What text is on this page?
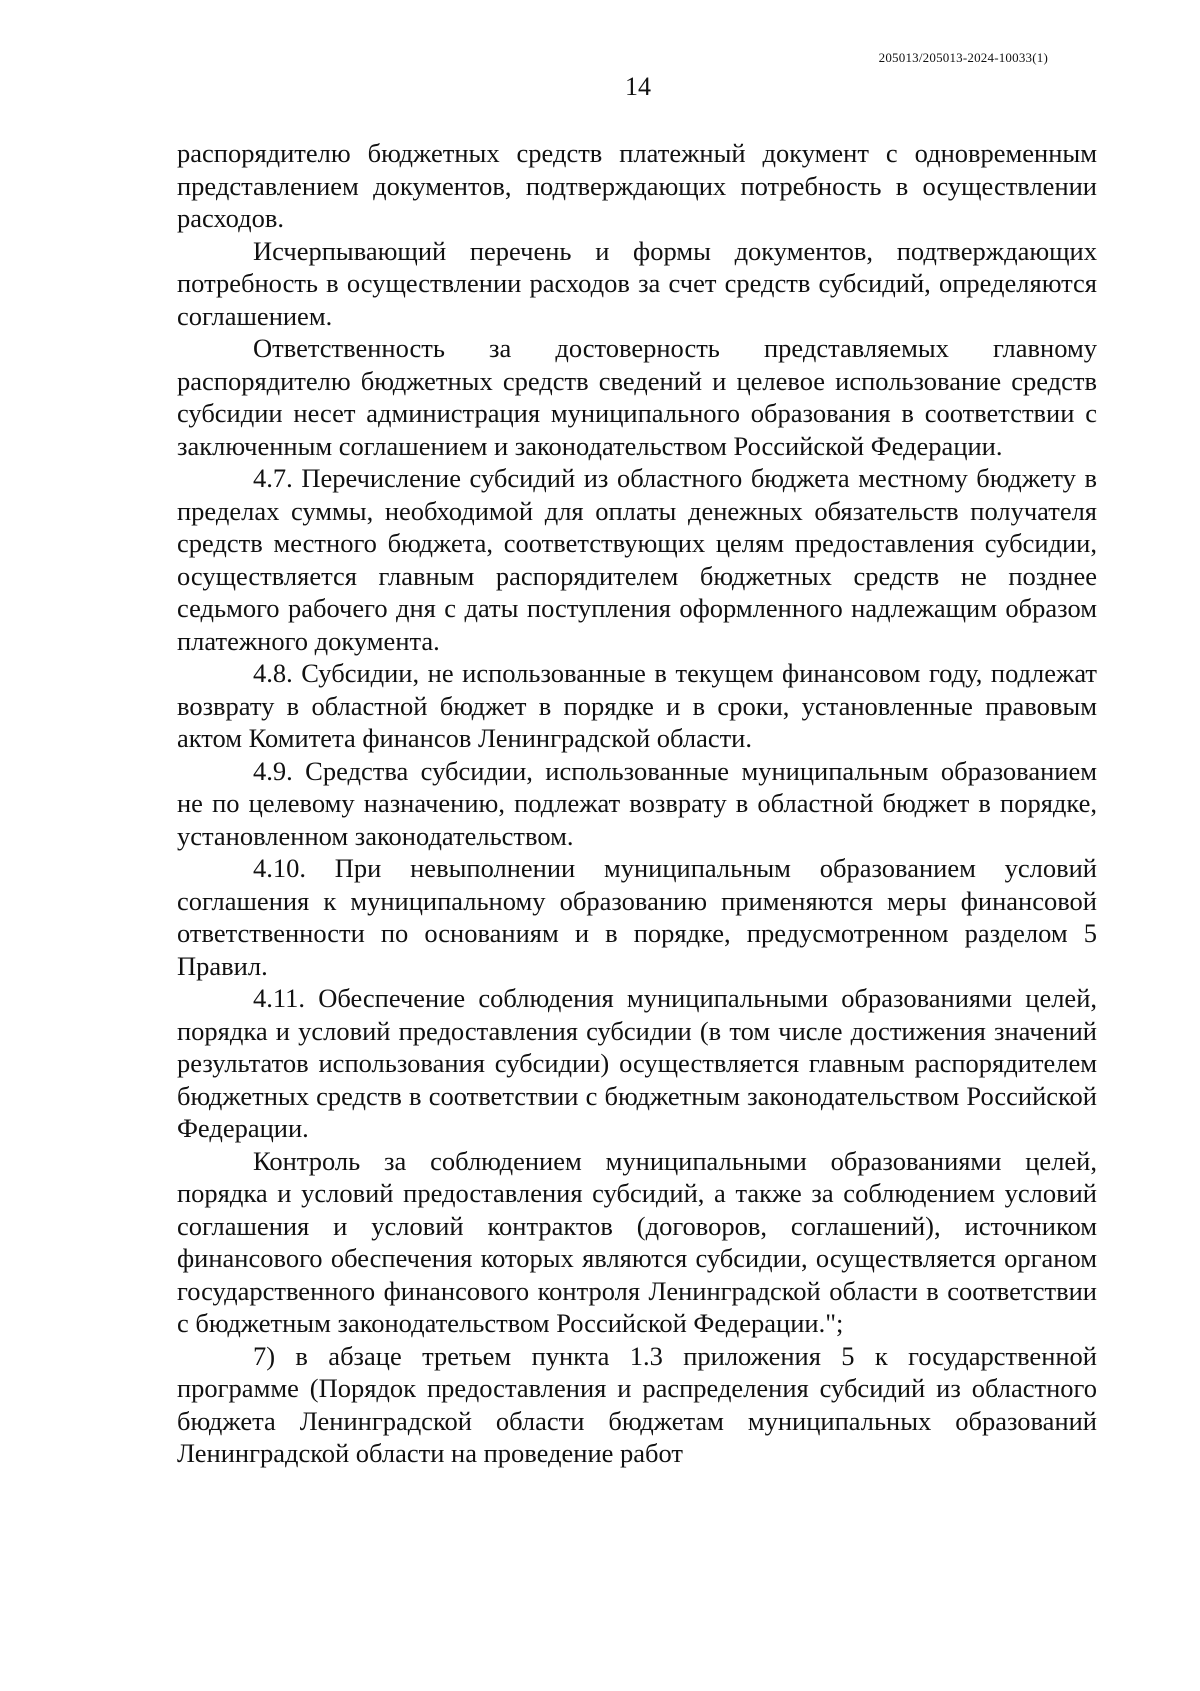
205013/205013-2024-10033(1)
14

распорядителю бюджетных средств платежный документ с одновременным представлением документов, подтверждающих потребность в осуществлении расходов.

Исчерпывающий перечень и формы документов, подтверждающих потребность в осуществлении расходов за счет средств субсидий, определяются соглашением.

Ответственность за достоверность представляемых главному распорядителю бюджетных средств сведений и целевое использование средств субсидии несет администрация муниципального образования в соответствии с заключенным соглашением и законодательством Российской Федерации.

4.7. Перечисление субсидий из областного бюджета местному бюджету в пределах суммы, необходимой для оплаты денежных обязательств получателя средств местного бюджета, соответствующих целям предоставления субсидии, осуществляется главным распорядителем бюджетных средств не позднее седьмого рабочего дня с даты поступления оформленного надлежащим образом платежного документа.

4.8. Субсидии, не использованные в текущем финансовом году, подлежат возврату в областной бюджет в порядке и в сроки, установленные правовым актом Комитета финансов Ленинградской области.

4.9. Средства субсидии, использованные муниципальным образованием не по целевому назначению, подлежат возврату в областной бюджет в порядке, установленном законодательством.

4.10. При невыполнении муниципальным образованием условий соглашения к муниципальному образованию применяются меры финансовой ответственности по основаниям и в порядке, предусмотренном разделом 5 Правил.

4.11. Обеспечение соблюдения муниципальными образованиями целей, порядка и условий предоставления субсидии (в том числе достижения значений результатов использования субсидии) осуществляется главным распорядителем бюджетных средств в соответствии с бюджетным законодательством Российской Федерации.

Контроль за соблюдением муниципальными образованиями целей, порядка и условий предоставления субсидий, а также за соблюдением условий соглашения и условий контрактов (договоров, соглашений), источником финансового обеспечения которых являются субсидии, осуществляется органом государственного финансового контроля Ленинградской области в соответствии с бюджетным законодательством Российской Федерации.";

7) в абзаце третьем пункта 1.3 приложения 5 к государственной программе (Порядок предоставления и распределения субсидий из областного бюджета Ленинградской области бюджетам муниципальных образований Ленинградской области на проведение работ
